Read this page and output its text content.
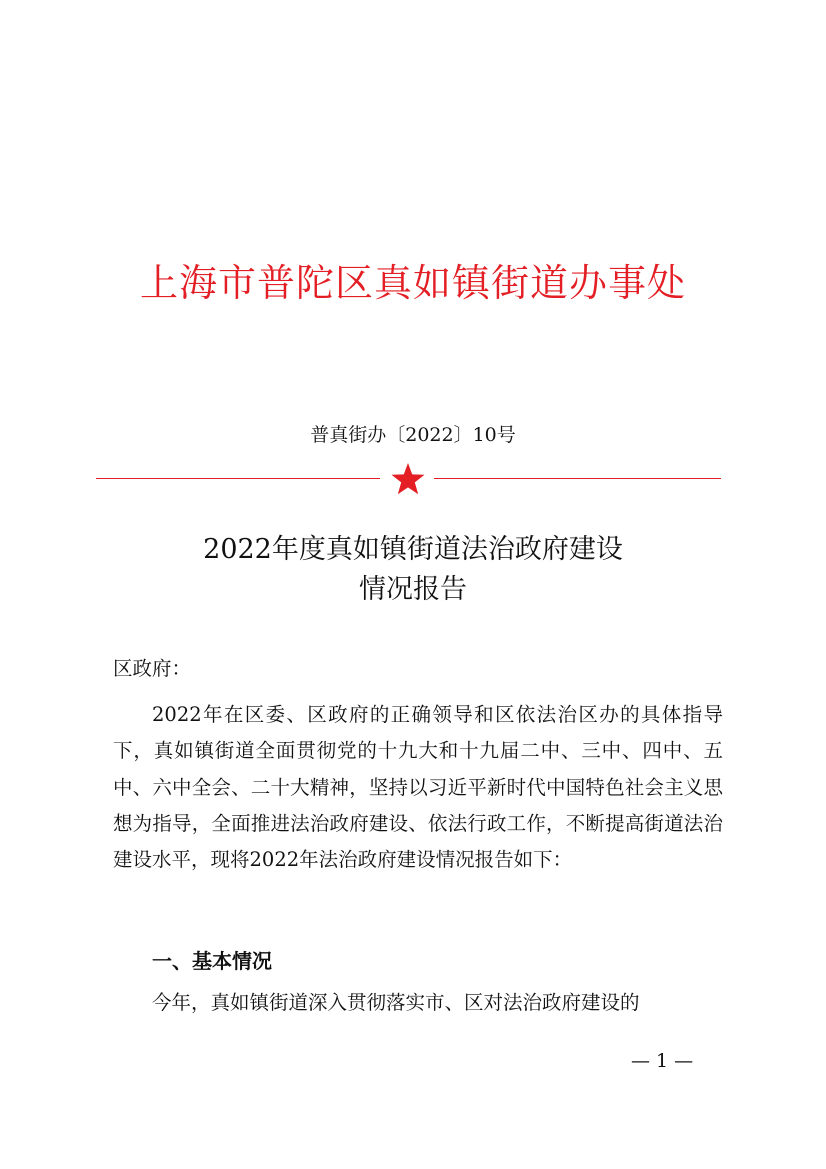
上海市普陀区真如镇街道办事处
普真街办〔2022〕10号
2022年度真如镇街道法治政府建设
情况报告
区政府：
2022年在区委、区政府的正确领导和区依法治区办的具体指导下，真如镇街道全面贯彻党的十九大和十九届二中、三中、四中、五中、六中全会、二十大精神，坚持以习近平新时代中国特色社会主义思想为指导，全面推进法治政府建设、依法行政工作，不断提高街道法治建设水平，现将2022年法治政府建设情况报告如下：
一、基本情况
今年，真如镇街道深入贯彻落实市、区对法治政府建设的
— 1 —
